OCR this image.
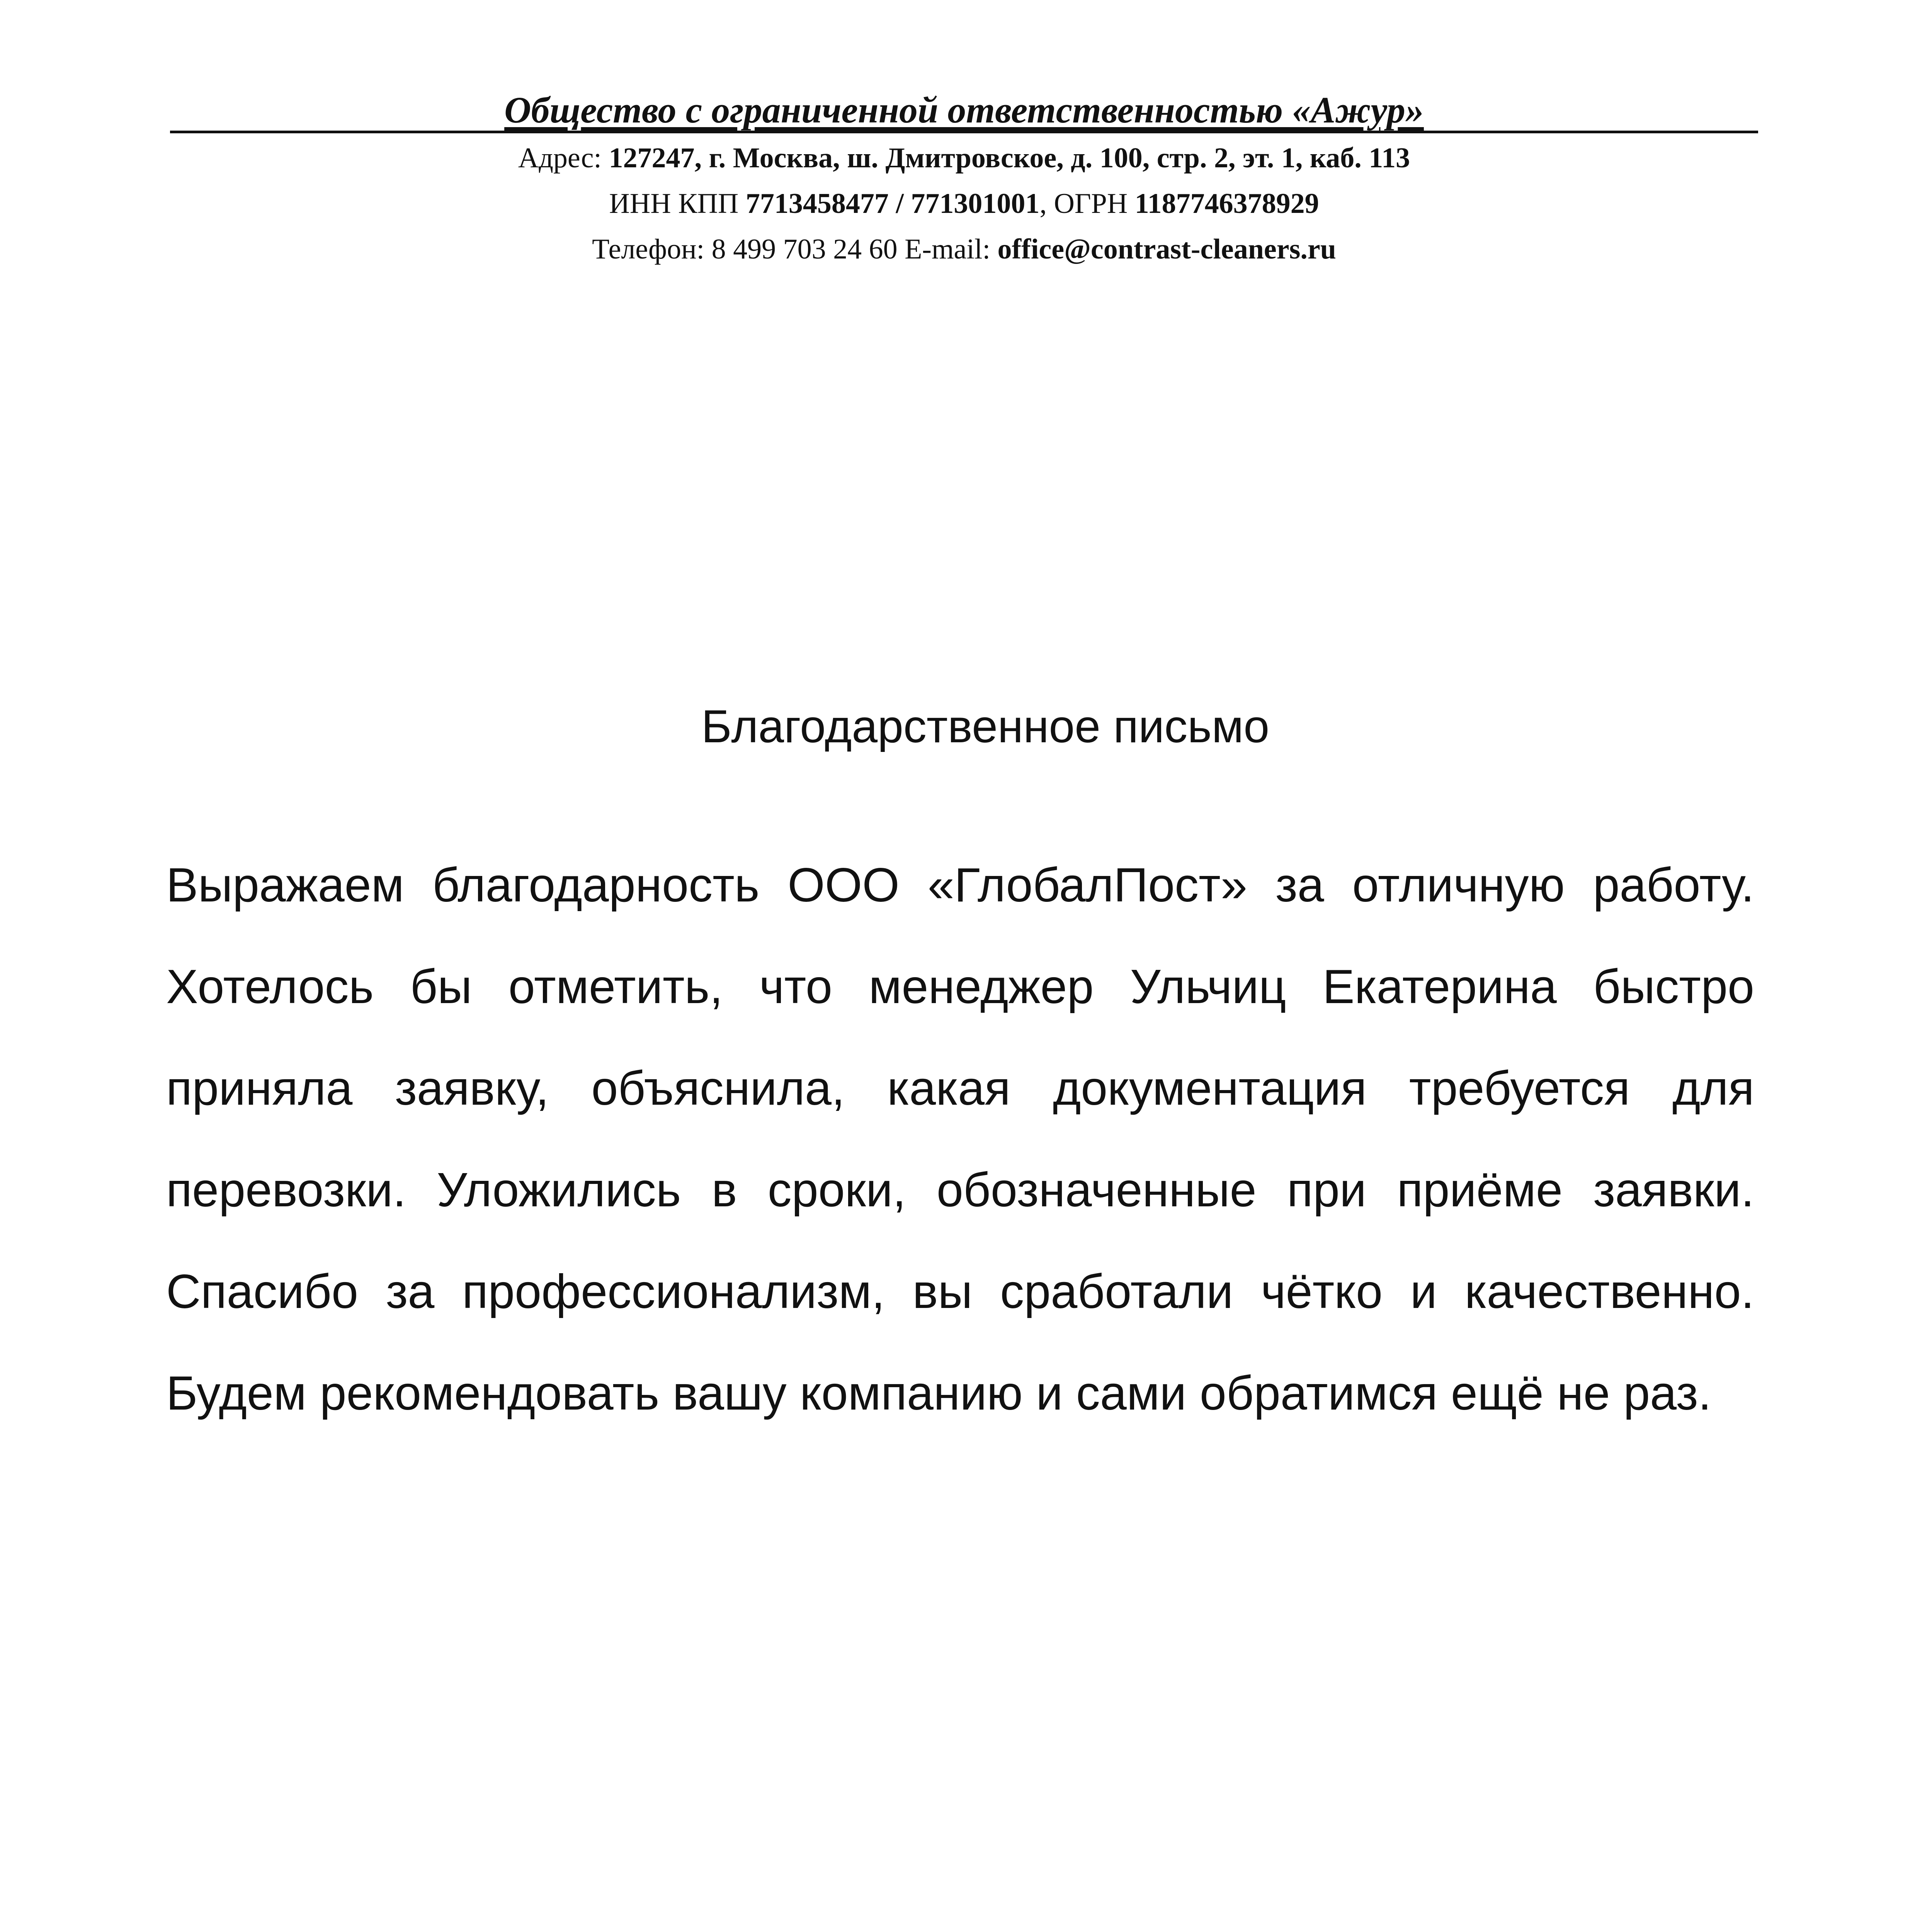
Общество с ограниченной ответственностью «Ажур»
Адрес: 127247, г. Москва, ш. Дмитровское, д. 100, стр. 2, эт. 1, каб. 113
ИНН КПП 7713458477 / 771301001, ОГРН 1187746378929
Телефон: 8 499 703 24 60 E-mail: office@contrast-cleaners.ru
Благодарственное письмо

Выражаем благодарность ООО «ГлобалПост» за отличную работу. Хотелось бы отметить, что менеджер Ульчиц Екатерина быстро приняла заявку, объяснила, какая документация требуется для перевозки. Уложились в сроки, обозначенные при приёме заявки. Спасибо за профессионализм, вы сработали чётко и качественно. Будем рекомендовать вашу компанию и сами обратимся ещё не раз.
